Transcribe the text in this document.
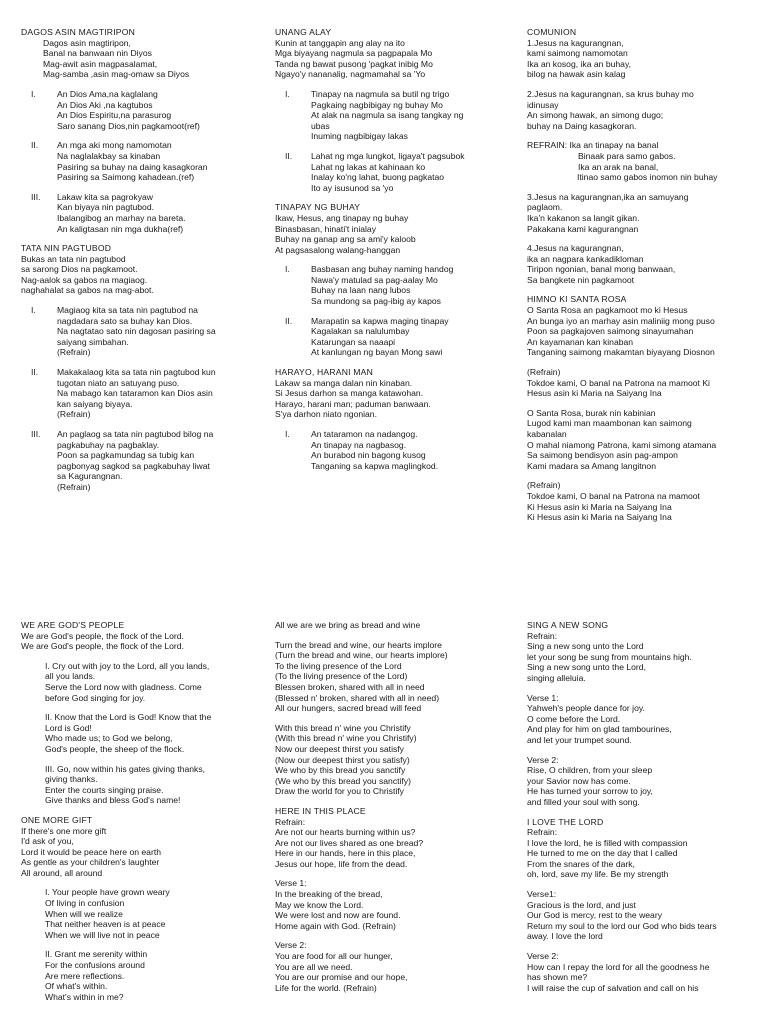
DAGOS ASIN MAGTIRIPON
Dagos asin magtiripon,
Banal na banwaan nin Diyos
Mag-awit asin magpasalamat,
Mag-samba ,asin mag-omaw sa Diyos
I.	An Dios Ama,na kaglalang
An Dios Aki ,na kagtubos
An Dios Espiritu,na parasurog
Saro sanang Dios,nin pagkamoot(ref)
II.	An mga aki mong namomotan
Na naglalakbay sa kinaban
Pasiring sa buhay na daing kasagkoran
Pasiring sa Saimong kahadean.(ref)
III.	Lakaw kita sa pagrokyaw
Kan biyaya nin pagtubod.
Ibalangibog an marhay na bareta.
An kaligtasan nin mga dukha(ref)
TATA NIN PAGTUBOD
Bukas an tata nin pagtubod
sa sarong Dios na pagkamoot.
Nag-aalok sa gabos na magiaog.
naghahalat sa gabos na mag-abot.
I.	Magiaog kita sa tata nin pagtubod na
nagdadara sato sa buhay kan Dios.
Na nagtatao sato nin dagosan pasiring sa
saiyang simbahan.
(Refrain)
II.	Makakalaog kita sa tata nin pagtubod kun
tugotan niato an satuyang puso.
Na mabago kan tataramon kan Dios asin
kan saiyang biyaya.
(Refrain)
III.	An paglaog sa tata nin pagtubod bilog na
pagkabuhay na pagbaklay.
Poon sa pagkamundag sa tubig kan
pagbonyag sagkod sa pagkabuhay liwat
sa Kagurangnan.
(Refrain)
UNANG ALAY
Kunin at tanggapin ang alay na ito
Mga biyayang nagmula sa pagpapala Mo
Tanda ng bawat pusong 'pagkat inibig Mo
Ngayo'y nananalig, nagmamahal sa 'Yo
I.	Tinapay na nagmula sa butil ng trigo
Pagkaing nagbibigay ng buhay Mo
At alak na nagmula sa isang tangkay ng
ubas
Inuming nagbibigay lakas
II.	Lahat ng mga lungkot, ligaya't pagsubok
Lahat ng lakas at kahinaan ko
Inalay ko'ng lahat, buong pagkatao
Ito ay isusunod sa 'yo
TINAPAY NG BUHAY
Ikaw, Hesus, ang tinapay ng buhay
Binasbasan, hinati't inialay
Buhay na ganap ang sa ami'y kaloob
At pagsasalong walang-hanggan
I.	Basbasan ang buhay naming handog
Nawa'y matulad sa pag-aalay Mo
Buhay na laan nang lubos
Sa mundong sa pag-ibig ay kapos
II.	Marapatin sa kapwa maging tinapay
Kagalakan sa nalulumbay
Katarungan sa naaapi
At kanlungan ng bayan Mong sawi
HARAYO, HARANI MAN
Lakaw sa manga dalan nin kinaban.
Si Jesus darhon sa manga katawohan.
Harayo, harani man; paduman banwaan.
S'ya darhon niato ngonian.
I.	An tataramon na nadangog.
An tinapay na nagbasog.
An burabod nin bagong kusog
Tanganing sa kapwa maglingkod.
COMUNION
1.Jesus na kagurangnan,
kami saimong namomotan
Ika an kosog, ika an buhay,
bilog na hawak asin kalag
2.Jesus na kagurangnan, sa krus buhay mo
idinusay
An simong hawak, an simong dugo;
buhay na Daing kasagkoran.
REFRAIN: Ika an tinapay na banal
Binaak para samo gabos.
Ika an arak na banal,
Itinao samo gabos inomon nin buhay
3.Jesus na kagurangnan,ika an samuyang
paglaom.
Ika'n kakanon sa langit gikan.
Pakakana kami kagurangnan
4.Jesus na kagurangnan,
ika an nagpara kankadikloman
Tiripon ngonian, banal mong banwaan,
Sa bangkete nin pagkamoot
HIMNO KI SANTA ROSA
O Santa Rosa an pagkamoot mo ki Hesus
An bunga iyo an marhay asin maliniig mong puso
Poon sa pagkajoven saimong sinayumahan
An kayamanan kan kinaban
Tanganing saimong makamtan biyayang Diosnon
(Refrain)
Tokdoe kami, O banal na Patrona na mamoot Ki
Hesus asin ki Maria na Saiyang Ina
O Santa Rosa, burak nin kabinian
Lugod kami man maambonan kan saimong
kabanalan
O mahal niamong Patrona, kami simong atamana
Sa saimong bendisyon asin pag-ampon
Kami madara sa Amang langitnon
(Refrain)
Tokdoe kami, O banal na Patrona na mamoot
Ki Hesus asin ki Maria na Saiyang Ina
Ki Hesus asin ki Maria na Saiyang Ina
WE ARE GOD'S PEOPLE
We are God's people, the flock of the Lord.
We are God's people, the flock of the Lord.
I. Cry out with joy to the Lord, all you lands,
all you lands.
Serve the Lord now with gladness. Come
before God singing for joy.
II. Know that the Lord is God! Know that the
Lord is God!
Who made us; to God we belong,
God's people, the sheep of the flock.
III. Go, now within his gates giving thanks,
giving thanks.
Enter the courts singing praise.
Give thanks and bless God's name!
ONE MORE GIFT
If there's one more gift
I'd ask of you,
Lord it would be peace here on earth
As gentle as your children's laughter
All around, all around
I. Your people have grown weary
Of living in confusion
When will we realize
That neither heaven is at peace
When we will live not in peace
II. Grant me serenity within
For the confusions around
Are mere reflections.
Of what's within.
What's within in me?
All we are we bring as bread and wine
Turn the bread and wine, our hearts implore
(Turn the bread and wine, our hearts implore)
To the living presence of the Lord
(To the living presence of the Lord)
Blessen broken, shared with all in need
(Blessed n' broken, shared with all in need)
All our hungers, sacred bread will feed
With this bread n' wine you Christify
(With this bread n' wine you Christify)
Now our deepest thirst you satisfy
(Now our deepest thirst you satisfy)
We who by this bread you sanctify
(We who by this bread you sanctify)
Draw the world for you to Christify
HERE IN THIS PLACE
Refrain:
Are not our hearts burning within us?
Are not our lives shared as one bread?
Here in our hands, here in this place,
Jesus our hope, life from the dead.
Verse 1:
In the breaking of the bread,
May we know the Lord.
We were lost and now are found.
Home again with God. (Refrain)
Verse 2:
You are food for all our hunger,
You are all we need.
You are our promise and our hope,
Life for the world. (Refrain)
SING A NEW SONG
Refrain:
Sing a new song unto the Lord
let your song be sung from mountains high.
Sing a new song unto the Lord,
singing alleluia.
Verse 1:
Yahweh's people dance for joy.
O come before the Lord.
And play for him on glad tambourines,
and let your trumpet sound.
Verse 2:
Rise, O children, from your sleep
your Savior now has come.
He has turned your sorrow to joy,
and filled your soul with song.
I LOVE THE LORD
Refrain:
I love the lord, he is filled with compassion
He turned to me on the day that I called
From the snares of the dark,
oh, lord, save my life. Be my strength
Verse1:
Gracious is the lord, and just
Our God is mercy, rest to the weary
Return my soul to the lord our God who bids tears
away. I love the lord
Verse 2:
How can I repay the lord for all the goodness he
has shown me?
I will raise the cup of salvation and call on his
